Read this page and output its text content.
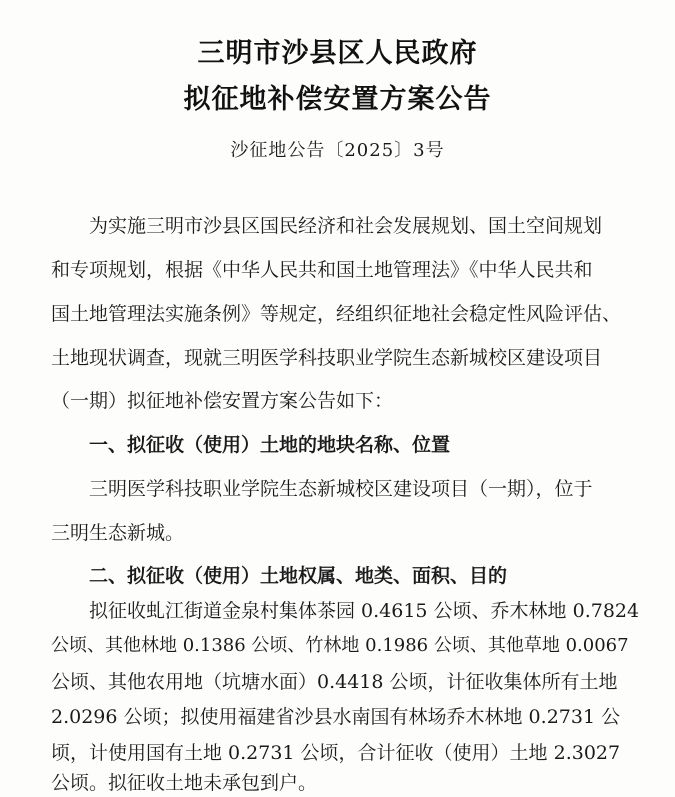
三明市沙县区人民政府
拟征地补偿安置方案公告
沙征地公告〔2025〕3号
为实施三明市沙县区国民经济和社会发展规划、国土空间规划
和专项规划，根据《中华人民共和国土地管理法》《中华人民共和
国土地管理法实施条例》等规定，经组织征地社会稳定性风险评估、
土地现状调查，现就三明医学科技职业学院生态新城校区建设项目
（一期）拟征地补偿安置方案公告如下：
一、拟征收（使用）土地的地块名称、位置
三明医学科技职业学院生态新城校区建设项目（一期），位于
三明生态新城。
二、拟征收（使用）土地权属、地类、面积、目的
拟征收虬江街道金泉村集体茶园 0.4615 公顷、乔木林地 0.7824
公顷、其他林地 0.1386 公顷、竹林地 0.1986 公顷、其他草地 0.0067
公顷、其他农用地（坑塘水面）0.4418 公顷，计征收集体所有土地
2.0296 公顷；拟使用福建省沙县水南国有林场乔木林地 0.2731 公
顷，计使用国有土地 0.2731 公顷，合计征收（使用）土地 2.3027
公顷。拟征收土地未承包到户。
